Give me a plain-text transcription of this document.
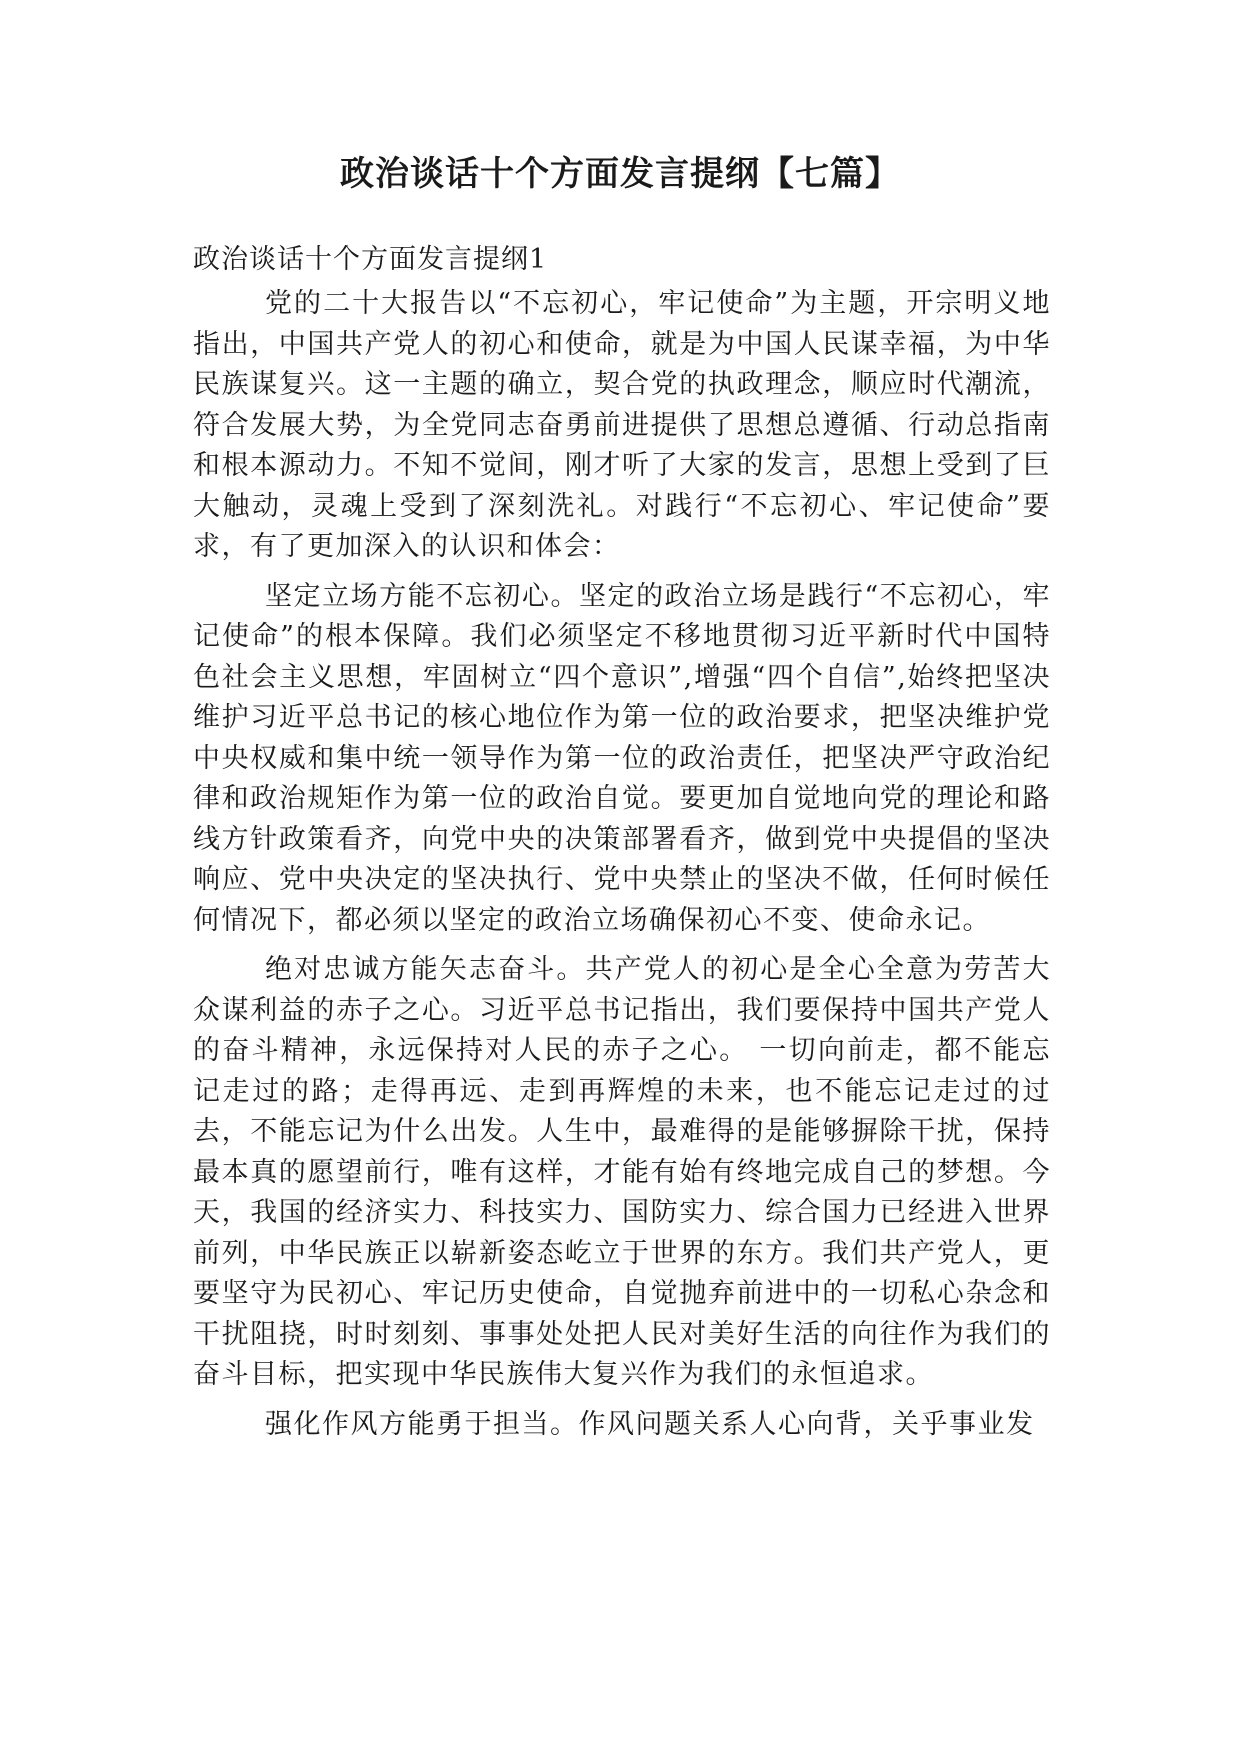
政治谈话十个方面发言提纲【七篇】

政治谈话十个方面发言提纲1

党的二十大报告以“不忘初心，牢记使命”为主题，开宗明义地指出，中国共产党人的初心和使命，就是为中国人民谋幸福，为中华民族谋复兴。这一主题的确立，契合党的执政理念，顺应时代潮流，符合发展大势，为全党同志奋勇前进提供了思想总遵循、行动总指南和根本源动力。不知不觉间，刚才听了大家的发言，思想上受到了巨大触动，灵魂上受到了深刻洗礼。对践行“不忘初心、牢记使命”要求，有了更加深入的认识和体会：

坚定立场方能不忘初心。坚定的政治立场是践行“不忘初心，牢记使命”的根本保障。我们必须坚定不移地贯彻习近平新时代中国特色社会主义思想，牢固树立“四个意识”,增强“四个自信”,始终把坚决维护习近平总书记的核心地位作为第一位的政治要求，把坚决维护党中央权威和集中统一领导作为第一位的政治责任，把坚决严守政治纪律和政治规矩作为第一位的政治自觉。要更加自觉地向党的理论和路线方针政策看齐，向党中央的决策部署看齐，做到党中央提倡的坚决响应、党中央决定的坚决执行、党中央禁止的坚决不做，任何时候任何情况下，都必须以坚定的政治立场确保初心不变、使命永记。

绝对忠诚方能矢志奋斗。共产党人的初心是全心全意为劳苦大众谋利益的赤子之心。习近平总书记指出，我们要保持中国共产党人的奋斗精神，永远保持对人民的赤子之心。 一切向前走，都不能忘记走过的路；走得再远、走到再辉煌的未来，也不能忘记走过的过去，不能忘记为什么出发。人生中，最难得的是能够摒除干扰，保持最本真的愿望前行，唯有这样，才能有始有终地完成自己的梦想。今天，我国的经济实力、科技实力、国防实力、综合国力已经进入世界前列，中华民族正以崭新姿态屹立于世界的东方。我们共产党人，更要坚守为民初心、牢记历史使命，自觉抛弃前进中的一切私心杂念和干扰阻挠，时时刻刻、事事处处把人民对美好生活的向往作为我们的奋斗目标，把实现中华民族伟大复兴作为我们的永恒追求。

强化作风方能勇于担当。作风问题关系人心向背，关乎事业发
